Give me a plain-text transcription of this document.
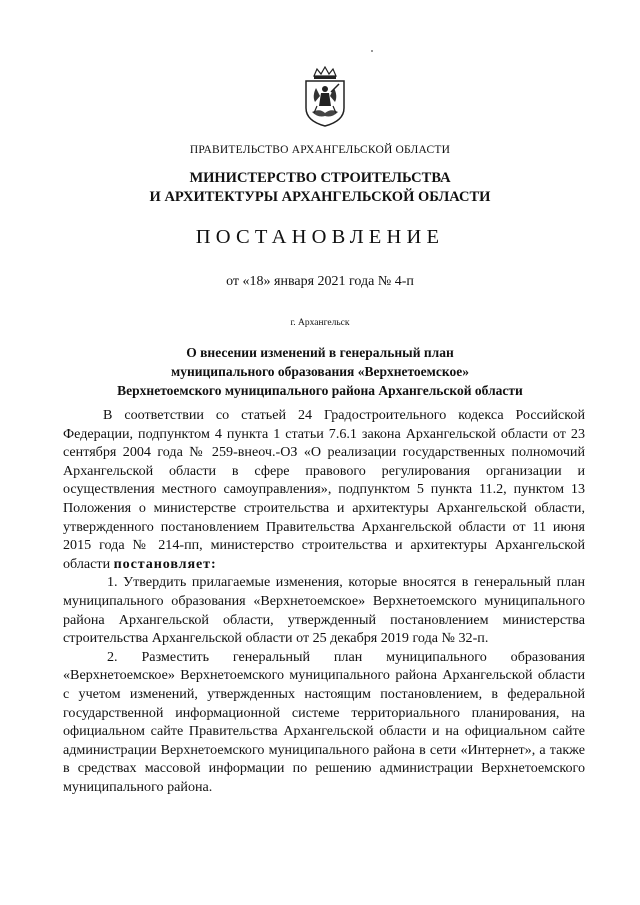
ПРАВИТЕЛЬСТВО АРХАНГЕЛЬСКОЙ ОБЛАСТИ
МИНИСТЕРСТВО СТРОИТЕЛЬСТВА
И АРХИТЕКТУРЫ АРХАНГЕЛЬСКОЙ ОБЛАСТИ
ПОСТАНОВЛЕНИЕ
от «18» января 2021 года № 4-п
г. Архангельск
О внесении изменений в генеральный план
муниципального образования «Верхнетоемское»
Верхнетоемского муниципального района Архангельской области

В соответствии со статьей 24 Градостроительного кодекса Российской Федерации, подпунктом 4 пункта 1 статьи 7.6.1 закона Архангельской области от 23 сентября 2004 года № 259-внеоч.-ОЗ «О реализации государственных полномочий Архангельской области в сфере правового регулирования организации и осуществления местного самоуправления», подпунктом 5 пункта 11.2, пунктом 13 Положения о министерстве строительства и архитектуры Архангельской области, утвержденного постановлением Правительства Архангельской области от 11 июня 2015 года № 214-пп, министерство строительства и архитектуры Архангельской области постановляет:

1. Утвердить прилагаемые изменения, которые вносятся в генеральный план муниципального образования «Верхнетоемское» Верхнетоемского муниципального района Архангельской области, утвержденный постановлением министерства строительства Архангельской области от 25 декабря 2019 года № 32-п.

2. Разместить генеральный план муниципального образования «Верхнетоемское» Верхнетоемского муниципального района Архангельской области с учетом изменений, утвержденных настоящим постановлением, в федеральной государственной информационной системе территориального планирования, на официальном сайте Правительства Архангельской области и на официальном сайте администрации Верхнетоемского муниципального района в сети «Интернет», а также в средствах массовой информации по решению администрации Верхнетоемского муниципального района.
